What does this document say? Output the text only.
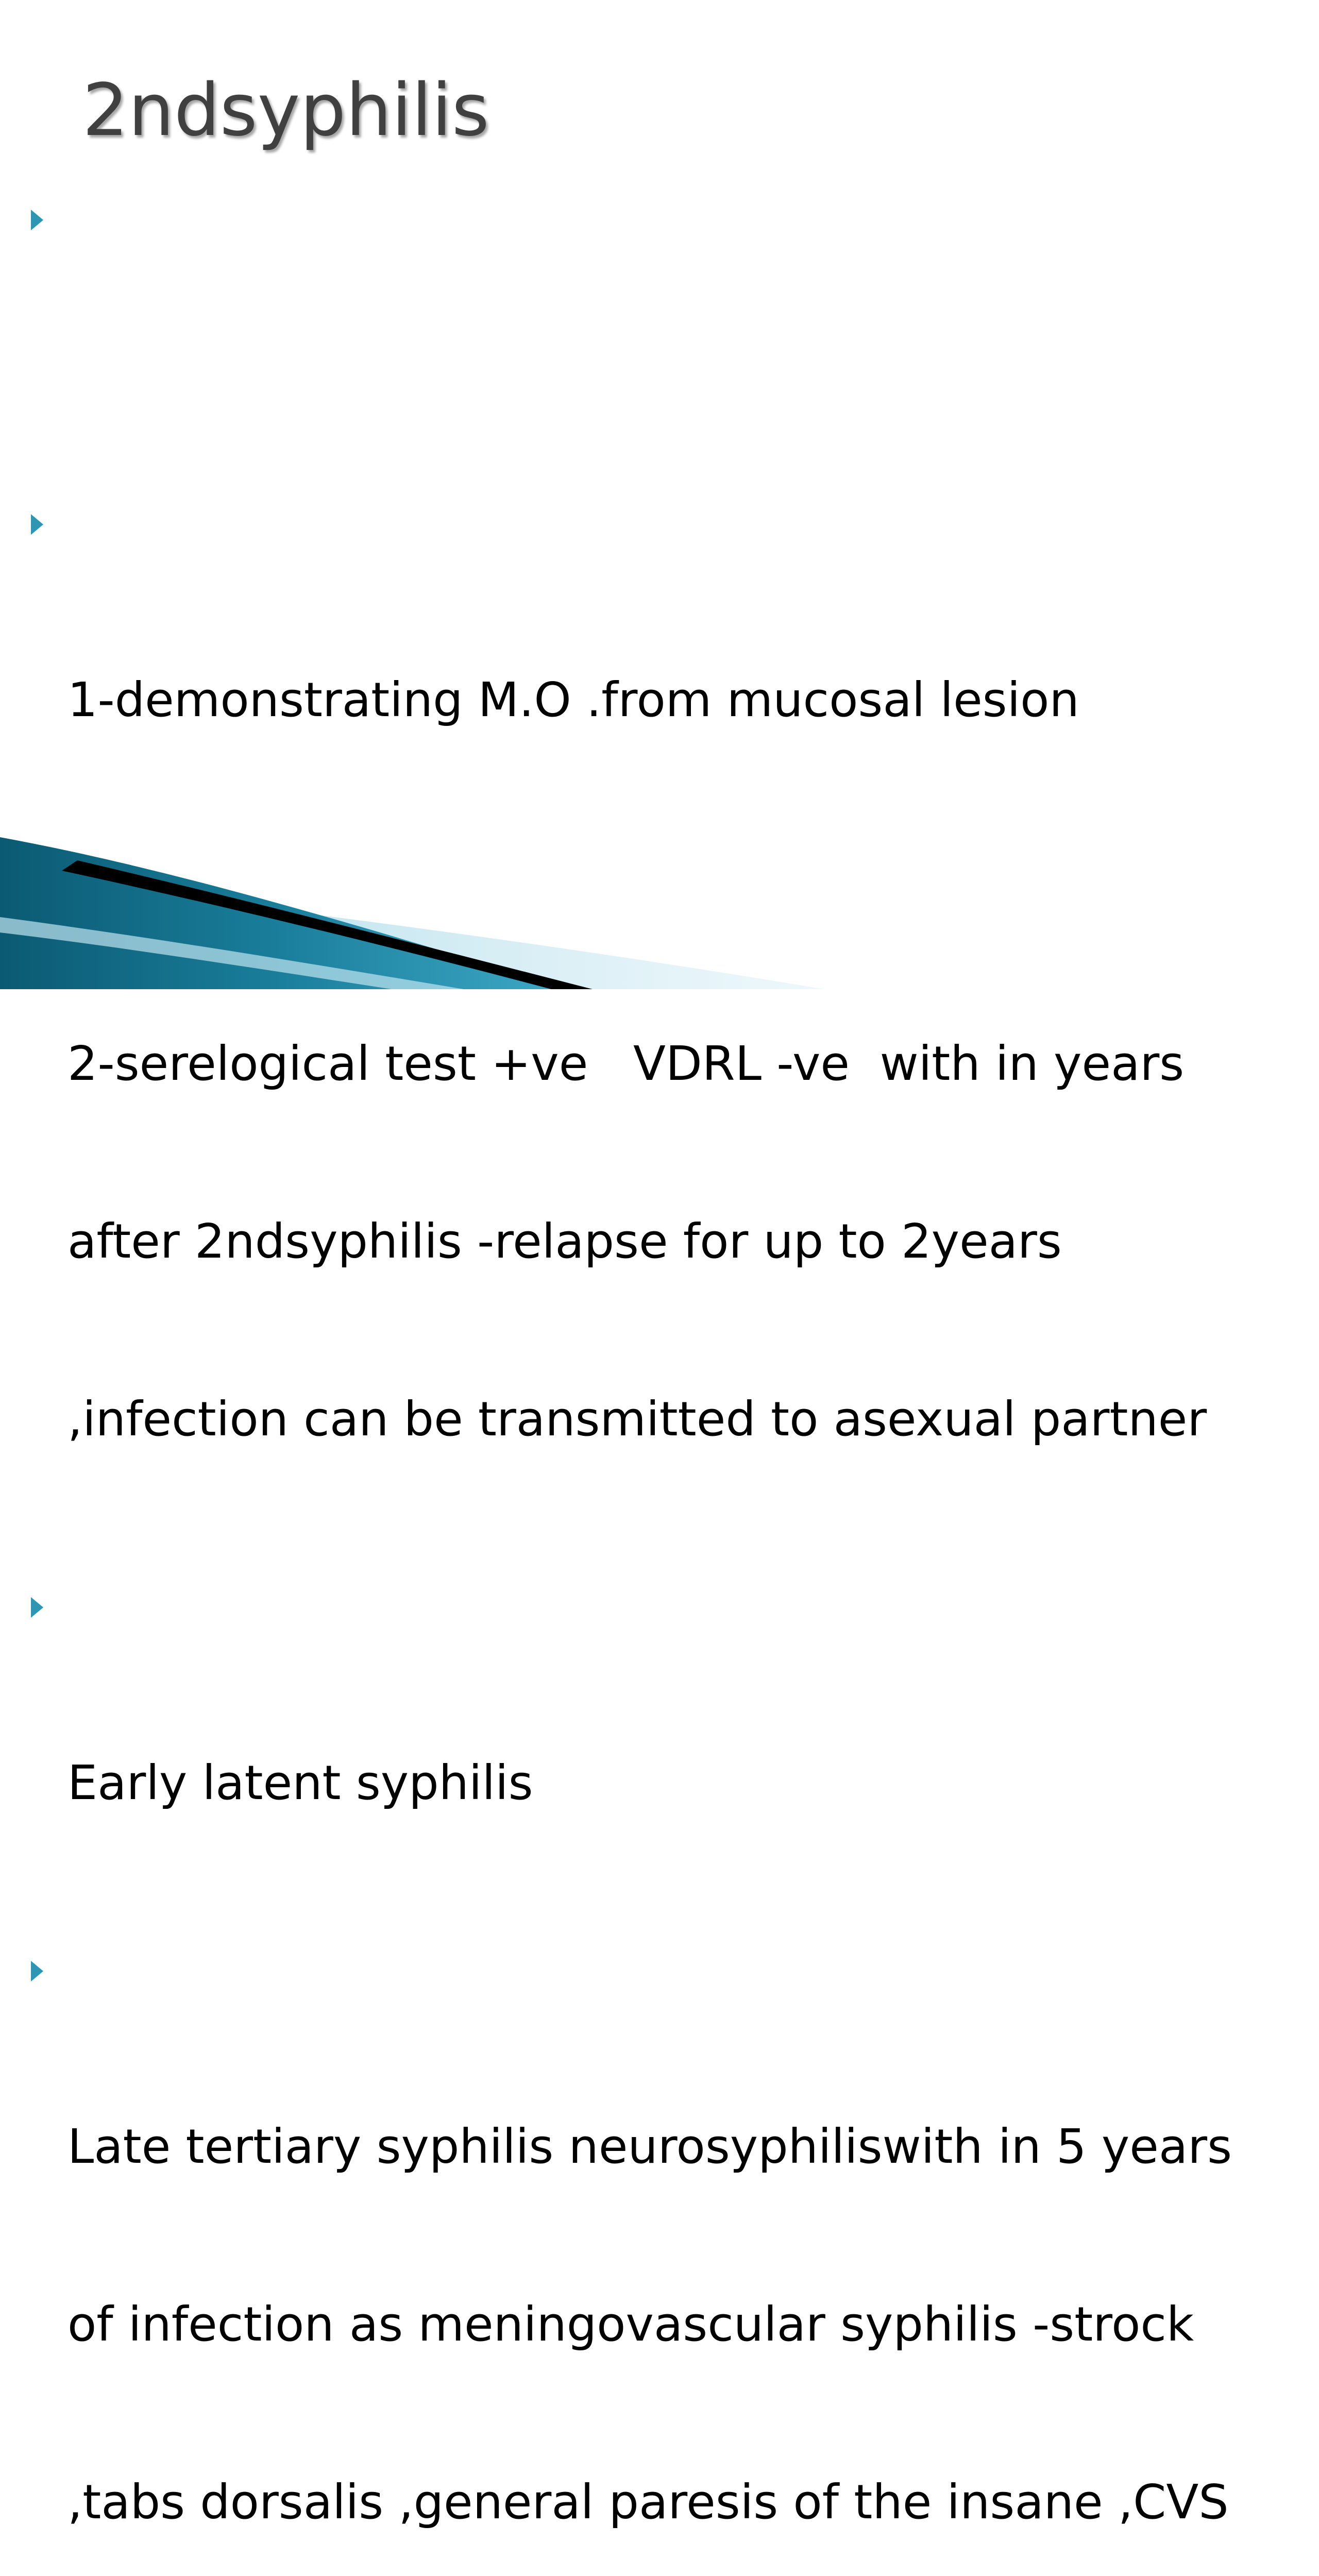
2ndsyphilis

1-demonstrating M.O .from mucosal lesion

2-serelogical test +ve   VDRL -ve  with in years

after 2ndsyphilis -relapse for up to 2years

,infection can be transmitted to asexual partner

Early latent syphilis

Late tertiary syphilis neurosyphiliswith in 5 years

of infection as meningovascular syphilis -strock

,tabs dorsalis ,general paresis of the insane ,CVS
